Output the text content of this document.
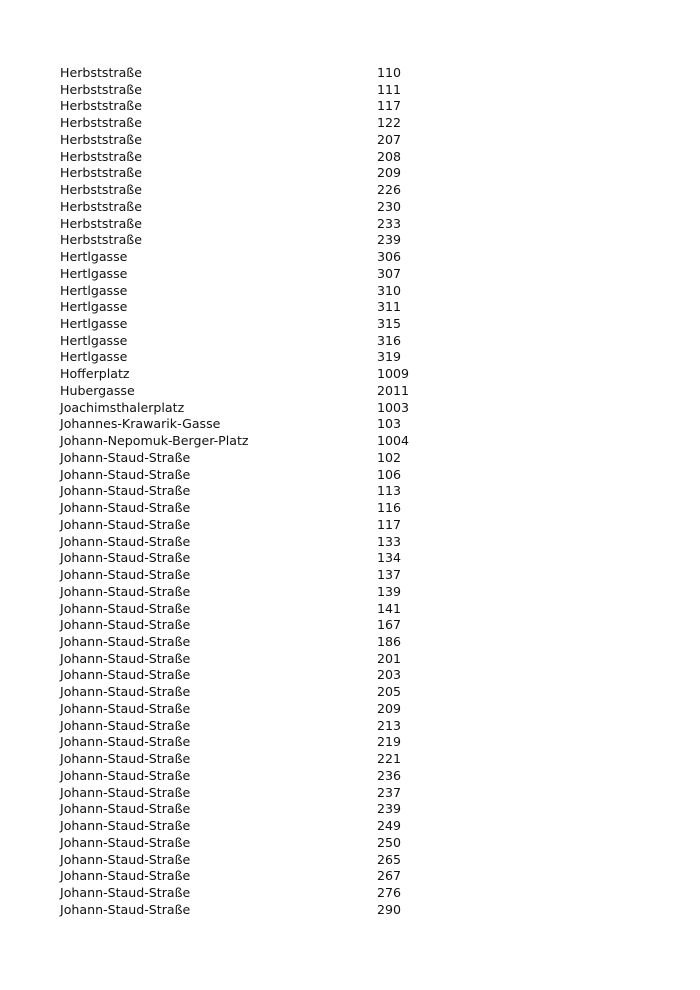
Herbststraße	110
Herbststraße	111
Herbststraße	117
Herbststraße	122
Herbststraße	207
Herbststraße	208
Herbststraße	209
Herbststraße	226
Herbststraße	230
Herbststraße	233
Herbststraße	239
Hertlgasse	306
Hertlgasse	307
Hertlgasse	310
Hertlgasse	311
Hertlgasse	315
Hertlgasse	316
Hertlgasse	319
Hofferplatz	1009
Hubergasse	2011
Joachimsthalerplatz	1003
Johannes-Krawarik-Gasse	103
Johann-Nepomuk-Berger-Platz	1004
Johann-Staud-Straße	102
Johann-Staud-Straße	106
Johann-Staud-Straße	113
Johann-Staud-Straße	116
Johann-Staud-Straße	117
Johann-Staud-Straße	133
Johann-Staud-Straße	134
Johann-Staud-Straße	137
Johann-Staud-Straße	139
Johann-Staud-Straße	141
Johann-Staud-Straße	167
Johann-Staud-Straße	186
Johann-Staud-Straße	201
Johann-Staud-Straße	203
Johann-Staud-Straße	205
Johann-Staud-Straße	209
Johann-Staud-Straße	213
Johann-Staud-Straße	219
Johann-Staud-Straße	221
Johann-Staud-Straße	236
Johann-Staud-Straße	237
Johann-Staud-Straße	239
Johann-Staud-Straße	249
Johann-Staud-Straße	250
Johann-Staud-Straße	265
Johann-Staud-Straße	267
Johann-Staud-Straße	276
Johann-Staud-Straße	290
